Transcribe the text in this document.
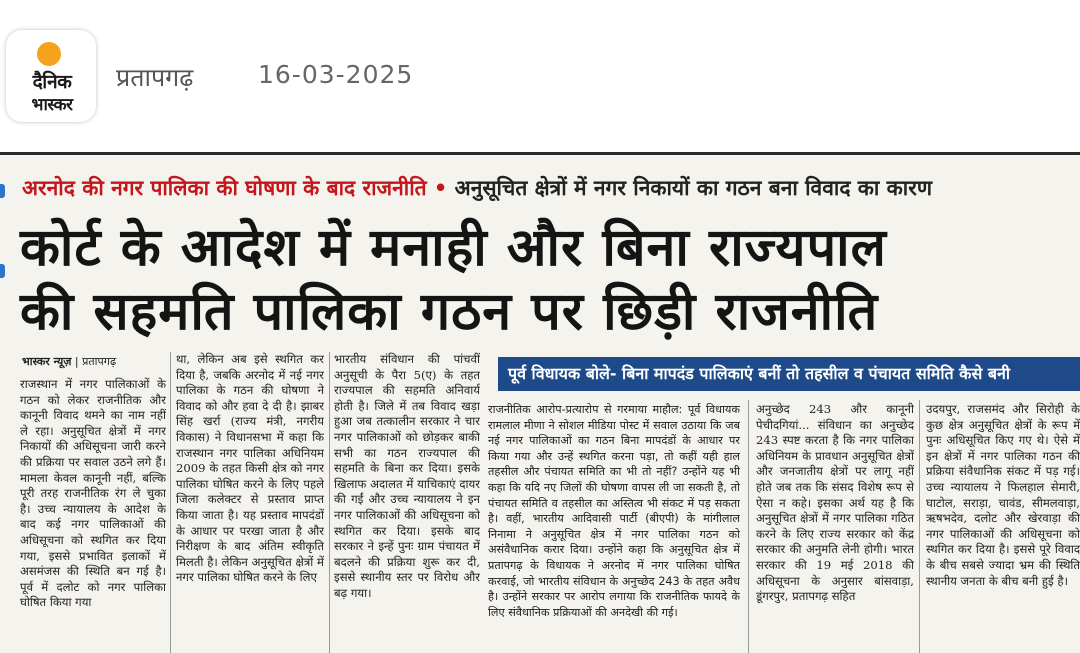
दैनिक
भास्कर
प्रतापगढ़	16-03-2025
अरनोद की नगर पालिका की घोषणा के बाद राजनीति • अनुसूचित क्षेत्रों में नगर निकायों का गठन बना विवाद का कारण
कोर्ट के आदेश में मनाही और बिना राज्यपाल
की सहमति पालिका गठन पर छिड़ी राजनीति
भास्कर न्यूज़ | प्रतापगढ़
राजस्थान में नगर पालिकाओं के गठन को लेकर राजनीतिक और कानूनी विवाद थमने का नाम नहीं ले रहा। अनुसूचित क्षेत्रों में नगर निकायों की अधिसूचना जारी करने की प्रक्रिया पर सवाल उठने लगे हैं। मामला केवल कानूनी नहीं, बल्कि पूरी तरह राजनीतिक रंग ले चुका है। उच्च न्यायालय के आदेश के बाद कई नगर पालिकाओं की अधिसूचना को स्थगित कर दिया गया, इससे प्रभावित इलाकों में असमंजस की स्थिति बन गई है। पूर्व में दलोट को नगर पालिका घोषित किया गया
था, लेकिन अब इसे स्थगित कर दिया है, जबकि अरनोद में नई नगर पालिका के गठन की घोषणा ने विवाद को और हवा दे दी है। झाबर सिंह खर्रा (राज्य मंत्री, नगरीय विकास) ने विधानसभा में कहा कि राजस्थान नगर पालिका अधिनियम 2009 के तहत किसी क्षेत्र को नगर पालिका घोषित करने के लिए पहले जिला कलेक्टर से प्रस्ताव प्राप्त किया जाता है। यह प्रस्ताव मापदंडों के आधार पर परखा जाता है और निरीक्षण के बाद अंतिम स्वीकृति मिलती है। लेकिन अनुसूचित क्षेत्रों में नगर पालिका घोषित करने के लिए
भारतीय संविधान की पांचवीं अनुसूची के पैरा 5(ए) के तहत राज्यपाल की सहमति अनिवार्य होती है। जिले में तब विवाद खड़ा हुआ जब तत्कालीन सरकार ने चार नगर पालिकाओं को छोड़कर बाकी सभी का गठन राज्यपाल की सहमति के बिना कर दिया। इसके खिलाफ अदालत में याचिकाएं दायर की गईं और उच्च न्यायालय ने इन नगर पालिकाओं की अधिसूचना को स्थगित कर दिया। इसके बाद सरकार ने इन्हें पुनः ग्राम पंचायत में बदलने की प्रक्रिया शुरू कर दी, इससे स्थानीय स्तर पर विरोध और बढ़ गया।
पूर्व विधायक बोले- बिना मापदंड पालिकाएं बनीं तो तहसील व पंचायत समिति कैसे बनी
राजनीतिक आरोप-प्रत्यारोप से गरमाया माहौल: पूर्व विधायक रामलाल मीणा ने सोशल मीडिया पोस्ट में सवाल उठाया कि जब नई नगर पालिकाओं का गठन बिना मापदंडों के आधार पर किया गया और उन्हें स्थगित करना पड़ा, तो कहीं यही हाल तहसील और पंचायत समिति का भी तो नहीं? उन्होंने यह भी कहा कि यदि नए जिलों की घोषणा वापस ली जा सकती है, तो पंचायत समिति व तहसील का अस्तित्व भी संकट में पड़ सकता है। वहीं, भारतीय आदिवासी पार्टी (बीएपी) के मांगीलाल निनामा ने अनुसूचित क्षेत्र में नगर पालिका गठन को असंवैधानिक करार दिया। उन्होंने कहा कि अनुसूचित क्षेत्र में प्रतापगढ़ के विधायक ने अरनोद में नगर पालिका घोषित करवाई, जो भारतीय संविधान के अनुच्छेद 243 के तहत अवैध है। उन्होंने सरकार पर आरोप लगाया कि राजनीतिक फायदे के लिए संवैधानिक प्रक्रियाओं की अनदेखी की गई।
अनुच्छेद 243 और कानूनी पेचीदगियां... संविधान का अनुच्छेद 243 स्पष्ट करता है कि नगर पालिका अधिनियम के प्रावधान अनुसूचित क्षेत्रों और जनजातीय क्षेत्रों पर लागू नहीं होते जब तक कि संसद विशेष रूप से ऐसा न कहे। इसका अर्थ यह है कि अनुसूचित क्षेत्रों में नगर पालिका गठित करने के लिए राज्य सरकार को केंद्र सरकार की अनुमति लेनी होगी। भारत सरकार की 19 मई 2018 की अधिसूचना के अनुसार बांसवाड़ा, डूंगरपुर, प्रतापगढ़ सहित
उदयपुर, राजसमंद और सिरोही के कुछ क्षेत्र अनुसूचित क्षेत्रों के रूप में पुनः अधिसूचित किए गए थे। ऐसे में इन क्षेत्रों में नगर पालिका गठन की प्रक्रिया संवैधानिक संकट में पड़ गई। उच्च न्यायालय ने फिलहाल सेमारी, घाटोल, सराड़ा, चावंड, सीमलवाड़ा, ऋषभदेव, दलोट और खेरवाड़ा की नगर पालिकाओं की अधिसूचना को स्थगित कर दिया है। इससे पूरे विवाद के बीच सबसे ज्यादा भ्रम की स्थिति स्थानीय जनता के बीच बनी हुई है।
